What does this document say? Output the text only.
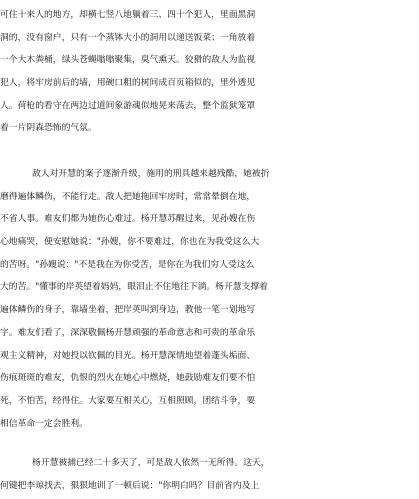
可住十来人的地方，却横七竖八地躺着三、四十个犯人，里面黑洞
洞的，没有窗户，只有一个蒸钵大小的洞用以递送饭菜；一角放着
一个大木粪桶，绿头苍蝇嗡嗡聚集，臭气熏天。狡猾的敌人为监视
犯人，将牢房前后的墙，用碗口粗的树间成百页箱似的，里外透见
人。荷枪的看守在两边过道间象游魂似地晃来荡去，整个监狱笼罩
着一片阴森恐怖的气氛。
敌人对开慧的案子逐渐升级，施用的刑具越来越残酷，她被折
磨得遍体鳞伤，不能行走。敌人把她拖回牢房时，常常晕倒在地，
不省人事。难友们都为她伤心难过。杨开慧苏醒过来，见孙嫂在伤
心地痛哭，便安慰她说："孙嫂，你不要难过，你也在为我受这么大
的苦呀。"孙嫂说："不是我在为你受苦，是你在为我们穷人受这么
大的苦。"懂事的岸英望着妈妈，眼泪止不住地往下淌。杨开慧支撑着
遍体鳞伤的身子，靠墙坐着，把岸英叫到身边，教他一笔一划地写
字。难友们看了，深深敬佩杨开慧顽强的革命意志和可贵的革命乐
观主义精神，对她投以钦佩的目光。杨开慧深情地望着蓬头垢面、
伤痕斑斑的难友，仇恨的烈火在她心中燃烧，她鼓励难友们要不怕
死，不怕苦，经得住。大家要互相关心，互相照顾，团结斗争，要
相信革命一定会胜利。
杨开慧被捕已经二十多天了，可是敌人依然一无所得。这天，
何键把李琼找去，狠狠地训了一顿后说："你明白吗？目前省内及上
